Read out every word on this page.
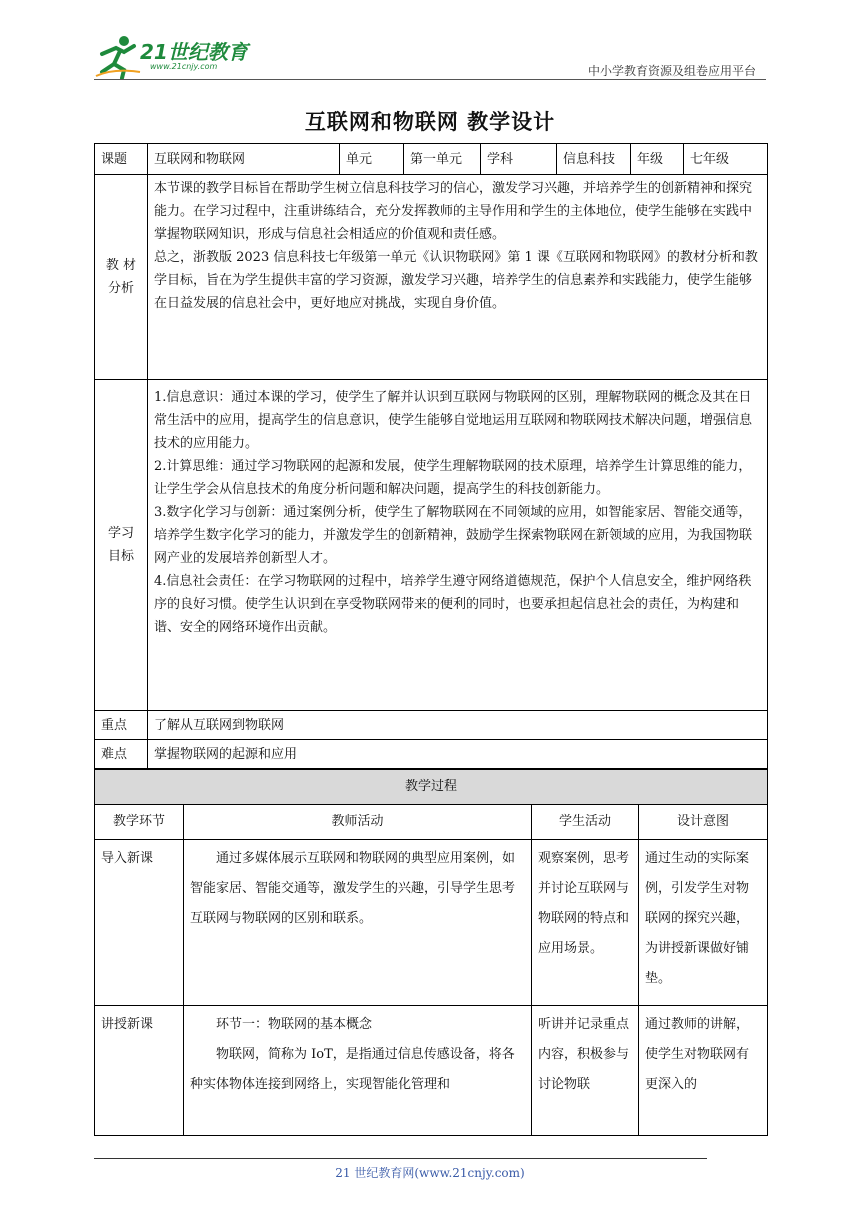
21世纪教育
www.21cnjy.com	中小学教育资源及组卷应用平台
互联网和物联网 教学设计
课题	互联网和物联网	单元	第一单元	学科	信息科技	年级	七年级
教 材分析	本节课的教学目标旨在帮助学生树立信息科技学习的信心，激发学习兴趣，并培养学生的创新精神和探究能力。在学习过程中，注重讲练结合，充分发挥教师的主导作用和学生的主体地位，使学生能够在实践中掌握物联网知识，形成与信息社会相适应的价值观和责任感。

总之，浙教版 2023 信息科技七年级第一单元《认识物联网》第 1 课《互联网和物联网》的教材分析和教学目标，旨在为学生提供丰富的学习资源，激发学习兴趣，培养学生的信息素养和实践能力，使学生能够在日益发展的信息社会中，更好地应对挑战，实现自身价值。						

学习目标	1.信息意识：通过本课的学习，使学生了解并认识到互联网与物联网的区别，理解物联网的概念及其在日常生活中的应用，提高学生的信息意识，使学生能够自觉地运用互联网和物联网技术解决问题，增强信息技术的应用能力。

2.计算思维：通过学习物联网的起源和发展，使学生理解物联网的技术原理，培养学生计算思维的能力，让学生学会从信息技术的角度分析问题和解决问题，提高学生的科技创新能力。

3.数字化学习与创新：通过案例分析，使学生了解物联网在不同领域的应用，如智能家居、智能交通等，培养学生数字化学习的能力，并激发学生的创新精神，鼓励学生探索物联网在新领域的应用，为我国物联网产业的发展培养创新型人才。

4.信息社会责任：在学习物联网的过程中，培养学生遵守网络道德规范，保护个人信息安全，维护网络秩序的良好习惯。使学生认识到在享受物联网带来的便利的同时，也要承担起信息社会的责任，为构建和谐、安全的网络环境作出贡献。						

重点	了解从互联网到物联网						
难点	掌握物联网的起源和应用						
教学过程			
教学环节	教师活动	学生活动	设计意图
导入新课	通过多媒体展示互联网和物联网的典型应用案例，如智能家居、智能交通等，激发学生的兴趣，引导学生思考互联网与物联网的区别和联系。	观察案例，思考并讨论互联网与物联网的特点和应用场景。	通过生动的实际案例，引发学生对物联网的探究兴趣，为讲授新课做好铺垫。
讲授新课	环节一：物联网的基本概念

物联网，简称为 IoT，是指通过信息传感设备，将各种实体物体连接到网络上，实现智能化管理和	听讲并记录重点内容，积极参与讨论物联	通过教师的讲解，使学生对物联网有更深入的
21 世纪教育网(www.21cnjy.com)
